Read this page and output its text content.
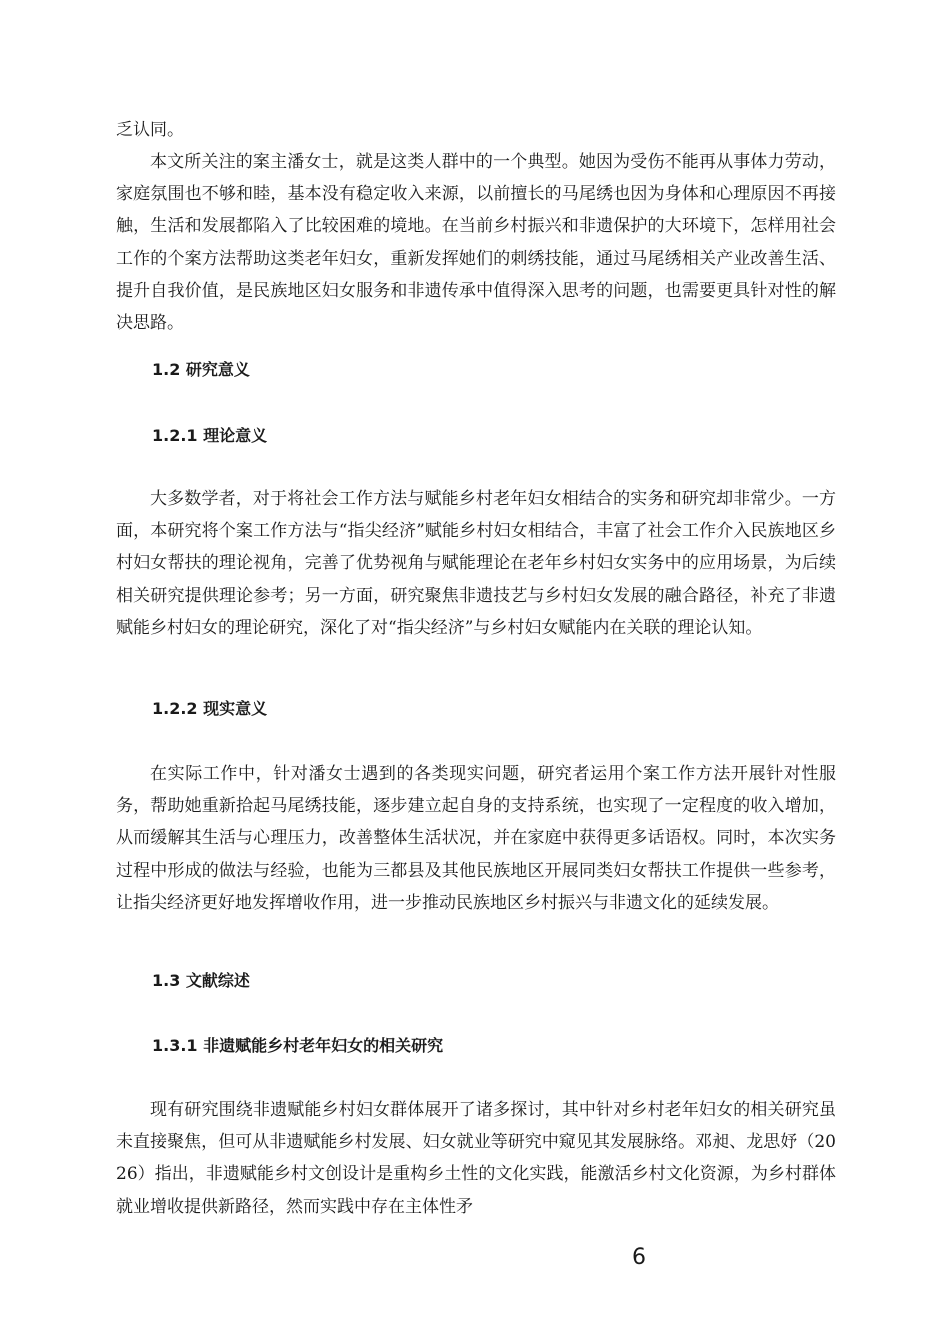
乏认同。

本文所关注的案主潘女士，就是这类人群中的一个典型。她因为受伤不能再从事体力劳动，家庭氛围也不够和睦，基本没有稳定收入来源，以前擅长的马尾绣也因为身体和心理原因不再接触，生活和发展都陷入了比较困难的境地。在当前乡村振兴和非遗保护的大环境下，怎样用社会工作的个案方法帮助这类老年妇女，重新发挥她们的刺绣技能，通过马尾绣相关产业改善生活、提升自我价值，是民族地区妇女服务和非遗传承中值得深入思考的问题，也需要更具针对性的解决思路。

1.2 研究意义
1.2.1 理论意义

大多数学者，对于将社会工作方法与赋能乡村老年妇女相结合的实务和研究却非常少。一方面，本研究将个案工作方法与“指尖经济”赋能乡村妇女相结合，丰富了社会工作介入民族地区乡村妇女帮扶的理论视角，完善了优势视角与赋能理论在老年乡村妇女实务中的应用场景，为后续相关研究提供理论参考；另一方面，研究聚焦非遗技艺与乡村妇女发展的融合路径，补充了非遗赋能乡村妇女的理论研究，深化了对“指尖经济”与乡村妇女赋能内在关联的理论认知。

1.2.2 现实意义

在实际工作中，针对潘女士遇到的各类现实问题，研究者运用个案工作方法开展针对性服务，帮助她重新拾起马尾绣技能，逐步建立起自身的支持系统，也实现了一定程度的收入增加，从而缓解其生活与心理压力，改善整体生活状况，并在家庭中获得更多话语权。同时，本次实务过程中形成的做法与经验，也能为三都县及其他民族地区开展同类妇女帮扶工作提供一些参考，让指尖经济更好地发挥增收作用，进一步推动民族地区乡村振兴与非遗文化的延续发展。

1.3 文献综述
1.3.1 非遗赋能乡村老年妇女的相关研究

现有研究围绕非遗赋能乡村妇女群体展开了诸多探讨，其中针对乡村老年妇女的相关研究虽未直接聚焦，但可从非遗赋能乡村发展、妇女就业等研究中窥见其发展脉络。邓昶、龙思妤（2026）指出，非遗赋能乡村文创设计是重构乡土性的文化实践，能激活乡村文化资源，为乡村群体就业增收提供新路径，然而实践中存在主体性矛

6
